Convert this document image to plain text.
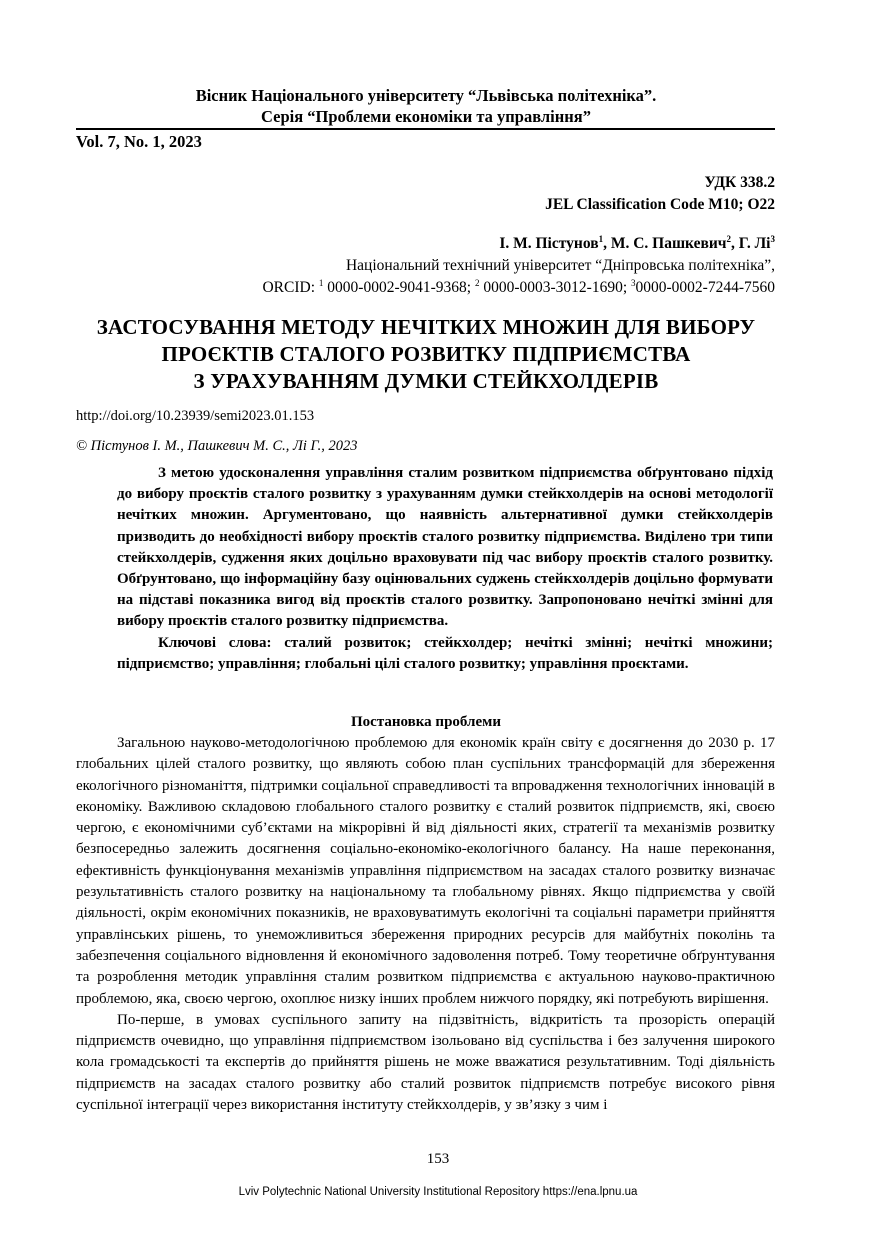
Вісник Національного університету “Львівська політехніка”.
Серія “Проблеми економіки та управління”
Vol. 7, No. 1, 2023
УДК 338.2
JEL Classification Code M10; O22
І. М. Пістунов$^1$, М. С. Пашкевич$^2$, Г. $Лі^3$
Національний технічний університет “Дніпровська політехніка”,
ORCID: $^1$ 0000-0002-9041-9368; $^2$ 0000-0003-3012-1690; $^3$0000-0002-7244-7560
ЗАСТОСУВАННЯ МЕТОДУ НЕЧІТКИХ МНОЖИН ДЛЯ ВИБОРУ
ПРОЄКТІВ СТАЛОГО РОЗВИТКУ ПІДПРИЄМСТВА
З УРАХУВАННЯМ ДУМКИ СТЕЙКХОЛДЕРІВ
http://doi.org/10.23939/semi2023.01.153
© Пістунов І. М., Пашкевич М. С., Лі Г., 2023

З метою удосконалення управління сталим розвитком підприємства обґрунтовано підхід до вибору проєктів сталого розвитку з урахуванням думки стейкхолдерів на основі методології нечітких множин. Аргументовано, що наявність альтернативної думки стейкхолдерів призводить до необхідності вибору проєктів сталого розвитку підприємства. Виділено три типи стейкхолдерів, судження яких доцільно враховувати під час вибору проєктів сталого розвитку. Обґрунтовано, що інформаційну базу оцінювальних суджень стейкхолдерів доцільно формувати на підставі показника вигод від проєктів сталого розвитку. Запропоновано нечіткі змінні для вибору проєктів сталого розвитку підприємства.

Ключові слова: сталий розвиток; стейкхолдер; нечіткі змінні; нечіткі множини; підприємство; управління; глобальні цілі сталого розвитку; управління проєктами.

Постановка проблеми

Загальною науково-методологічною проблемою для економік країн світу є досягнення до 2030 р. 17 глобальних цілей сталого розвитку, що являють собою план суспільних трансформацій для збереження екологічного різноманіття, підтримки соціальної справедливості та впровадження технологічних інновацій в економіку. Важливою складовою глобального сталого розвитку є сталий розвиток підприємств, які, своєю чергою, є економічними суб’єктами на мікрорівні й від діяльності яких, стратегії та механізмів розвитку безпосередньо залежить досягнення соціально-економіко-екологічного балансу. На наше переконання, ефективність функціонування механізмів управління підприємством на засадах сталого розвитку визначає результативність сталого розвитку на національному та глобальному рівнях. Якщо підприємства у своїй діяльності, окрім економічних показників, не враховуватимуть екологічні та соціальні параметри прийняття управлінських рішень, то унеможливиться збереження природних ресурсів для майбутніх поколінь та забезпечення соціального відновлення й економічного задоволення потреб. Тому теоретичне обґрунтування та розроблення методик управління сталим розвитком підприємства є актуальною науково-практичною проблемою, яка, своєю чергою, охоплює низку інших проблем нижчого порядку, які потребують вирішення.

По-перше, в умовах суспільного запиту на підзвітність, відкритість та прозорість операцій підприємств очевидно, що управління підприємством ізольовано від суспільства і без залучення широкого кола громадськості та експертів до прийняття рішень не може вважатися результативним. Тоді діяльність підприємств на засадах сталого розвитку або сталий розвиток підприємств потребує високого рівня суспільної інтеграції через використання інституту стейкхолдерів, у зв’язку з чим і

153
Lviv Polytechnic National University Institutional Repository https://ena.lpnu.ua
